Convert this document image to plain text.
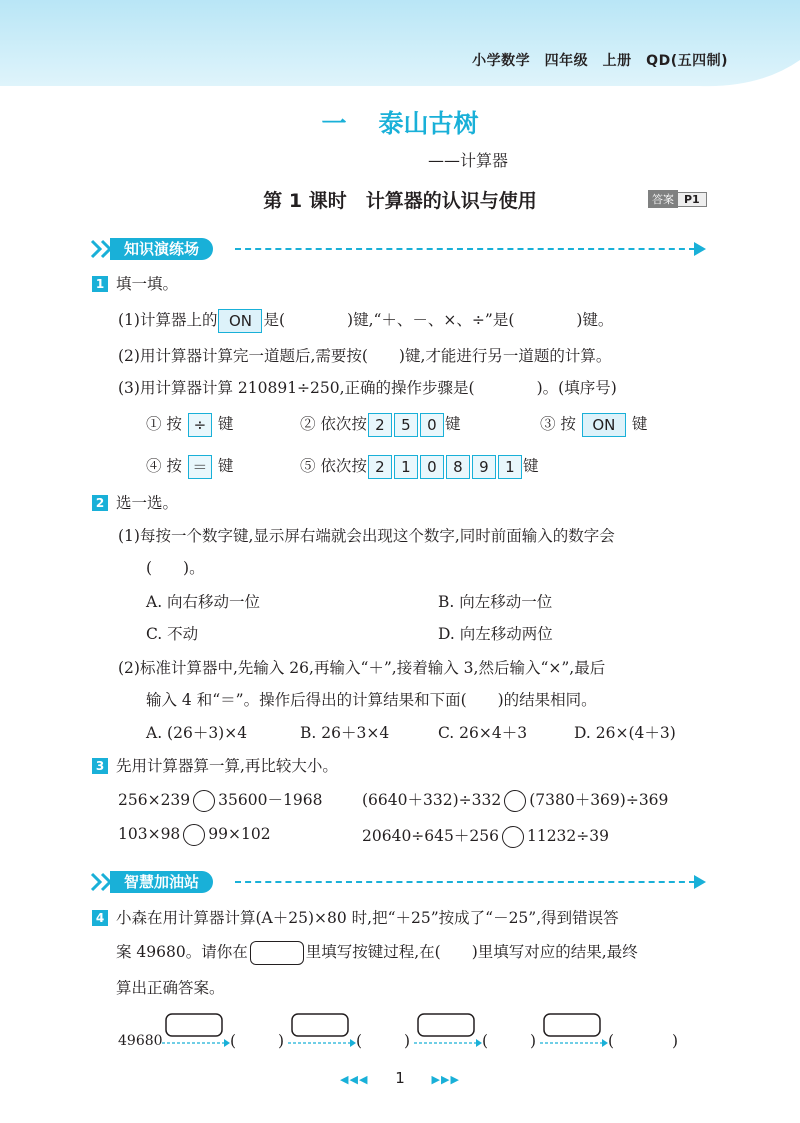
小学数学　四年级　上册　QD(五四制)
一 泰山古树
——计算器
第 1 课时　计算器的认识与使用	答案 P1
知识演练场
1 填一填。
(1)计算器上的 ON 是(　　　　)键,“＋、－、×、÷”是(　　　　)键。
(2)用计算器计算完一道题后,需要按(　　)键,才能进行另一道题的计算。
(3)用计算器计算 210891÷250,正确的操作步骤是(　　　　)。(填序号)
① 按 ÷ 键	② 依次按 2 5 0 键	③ 按 ON 键
④ 按 ＝ 键	⑤ 依次按 2 1 0 8 9 1 键
2 选一选。
(1)每按一个数字键,显示屏右端就会出现这个数字,同时前面输入的数字会
(　　)。
A. 向右移动一位	B. 向左移动一位
C. 不动	D. 向左移动两位
(2)标准计算器中,先输入 26,再输入“＋”,接着输入 3,然后输入“×”,最后
输入 4 和“＝”。操作后得出的计算结果和下面(　　)的结果相同。
A. (26＋3)×4	B. 26＋3×4	C. 26×4＋3	D. 26×(4＋3)
3 先用计算器算一算,再比较大小。
256×239 35600－1968	(6640＋332)÷332 (7380＋369)÷369
103×98 99×102	20640÷645＋256 11232÷39
智慧加油站
4 小森在用计算器计算(A＋25)×80 时,把“＋25”按成了“－25”,得到错误答
案 49680。请你在	里填写按键过程,在(　　)里填写对应的结果,最终
算出正确答案。
49680	(	)	(	)	(	)	(	)
◀◀◀ 1 ▶▶▶
